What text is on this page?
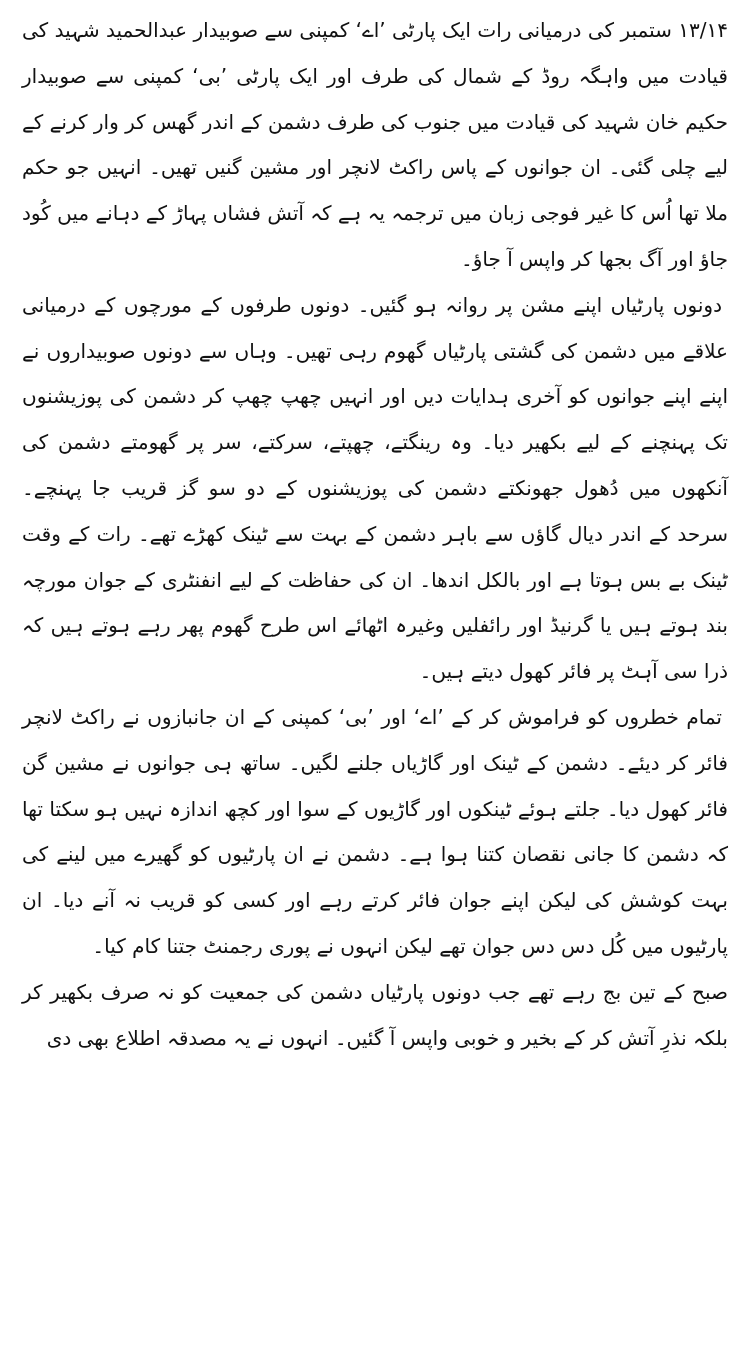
۱۳/۱۴ ستمبر کی درمیانی رات ایک پارٹی ’اے‘ کمپنی سے صوبیدار عبدالحمید شہید کی قیادت میں واہگہ روڈ کے شمال کی طرف اور ایک پارٹی ’بی‘ کمپنی سے صوبیدار حکیم خان شہید کی قیادت میں جنوب کی طرف دشمن کے اندر گھس کر وار کرنے کے لیے چلی گئی۔ ان جوانوں کے پاس راکٹ لانچر اور مشین گنیں تھیں۔ انہیں جو حکم ملا تھا اُس کا غیر فوجی زبان میں ترجمہ یہ ہے کہ آتش فشاں پہاڑ کے دہانے میں کُود جاؤ اور آگ بجھا کر واپس آ جاؤ۔

دونوں پارٹیاں اپنے مشن پر روانہ ہو گئیں۔ دونوں طرفوں کے مورچوں کے درمیانی علاقے میں دشمن کی گشتی پارٹیاں گھوم رہی تھیں۔ وہاں سے دونوں صوبیداروں نے اپنے اپنے جوانوں کو آخری ہدایات دیں اور انہیں چھپ چھپ کر دشمن کی پوزیشنوں تک پہنچنے کے لیے بکھیر دیا۔ وہ رینگتے، چھپتے، سرکتے، سر پر گھومتے دشمن کی آنکھوں میں دُھول جھونکتے دشمن کی پوزیشنوں کے دو سو گز قریب جا پہنچے۔ سرحد کے اندر دیال گاؤں سے باہر دشمن کے بہت سے ٹینک کھڑے تھے۔ رات کے وقت ٹینک بے بس ہوتا ہے اور بالکل اندھا۔ ان کی حفاظت کے لیے انفنٹری کے جوان مورچہ بند ہوتے ہیں یا گرنیڈ اور رائفلیں وغیرہ اٹھائے اس طرح گھوم پھر رہے ہوتے ہیں کہ ذرا سی آہٹ پر فائر کھول دیتے ہیں۔

تمام خطروں کو فراموش کر کے ’اے‘ اور ’بی‘ کمپنی کے ان جانبازوں نے راکٹ لانچر فائر کر دیئے۔ دشمن کے ٹینک اور گاڑیاں جلنے لگیں۔ ساتھ ہی جوانوں نے مشین گن فائر کھول دیا۔ جلتے ہوئے ٹینکوں اور گاڑیوں کے سوا اور کچھ اندازہ نہیں ہو سکتا تھا کہ دشمن کا جانی نقصان کتنا ہوا ہے۔ دشمن نے ان پارٹیوں کو گھیرے میں لینے کی بہت کوشش کی لیکن اپنے جوان فائر کرتے رہے اور کسی کو قریب نہ آنے دیا۔ ان پارٹیوں میں کُل دس دس جوان تھے لیکن انہوں نے پوری رجمنٹ جتنا کام کیا۔

صبح کے تین بج رہے تھے جب دونوں پارٹیاں دشمن کی جمعیت کو نہ صرف بکھیر کر بلکہ نذرِ آتش کر کے بخیر و خوبی واپس آ گئیں۔ انہوں نے یہ مصدقہ اطلاع بھی دی
